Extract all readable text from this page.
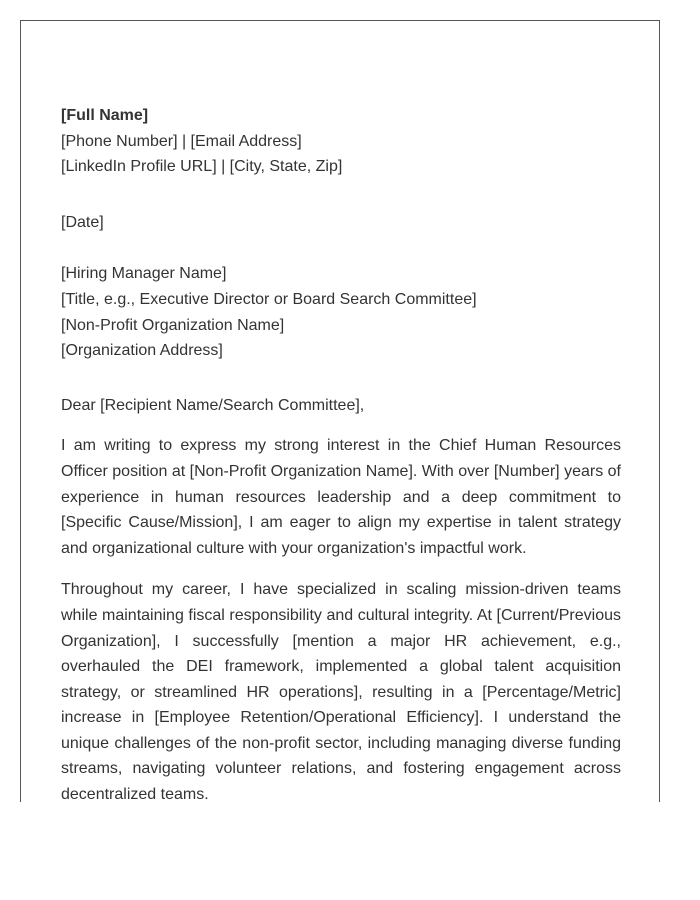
[Full Name]

[Phone Number] | [Email Address]

[LinkedIn Profile URL] | [City, State, Zip]

[Date]

[Hiring Manager Name]

[Title, e.g., Executive Director or Board Search Committee]

[Non-Profit Organization Name]

[Organization Address]

Dear [Recipient Name/Search Committee],

I am writing to express my strong interest in the Chief Human Resources Officer position at [Non-Profit Organization Name]. With over [Number] years of experience in human resources leadership and a deep commitment to [Specific Cause/Mission], I am eager to align my expertise in talent strategy and organizational culture with your organization's impactful work.

Throughout my career, I have specialized in scaling mission-driven teams while maintaining fiscal responsibility and cultural integrity. At [Current/Previous Organization], I successfully [mention a major HR achievement, e.g., overhauled the DEI framework, implemented a global talent acquisition strategy, or streamlined HR operations], resulting in a [Percentage/Metric] increase in [Employee Retention/Operational Efficiency]. I understand the unique challenges of the non-profit sector, including managing diverse funding streams, navigating volunteer relations, and fostering engagement across decentralized teams.
